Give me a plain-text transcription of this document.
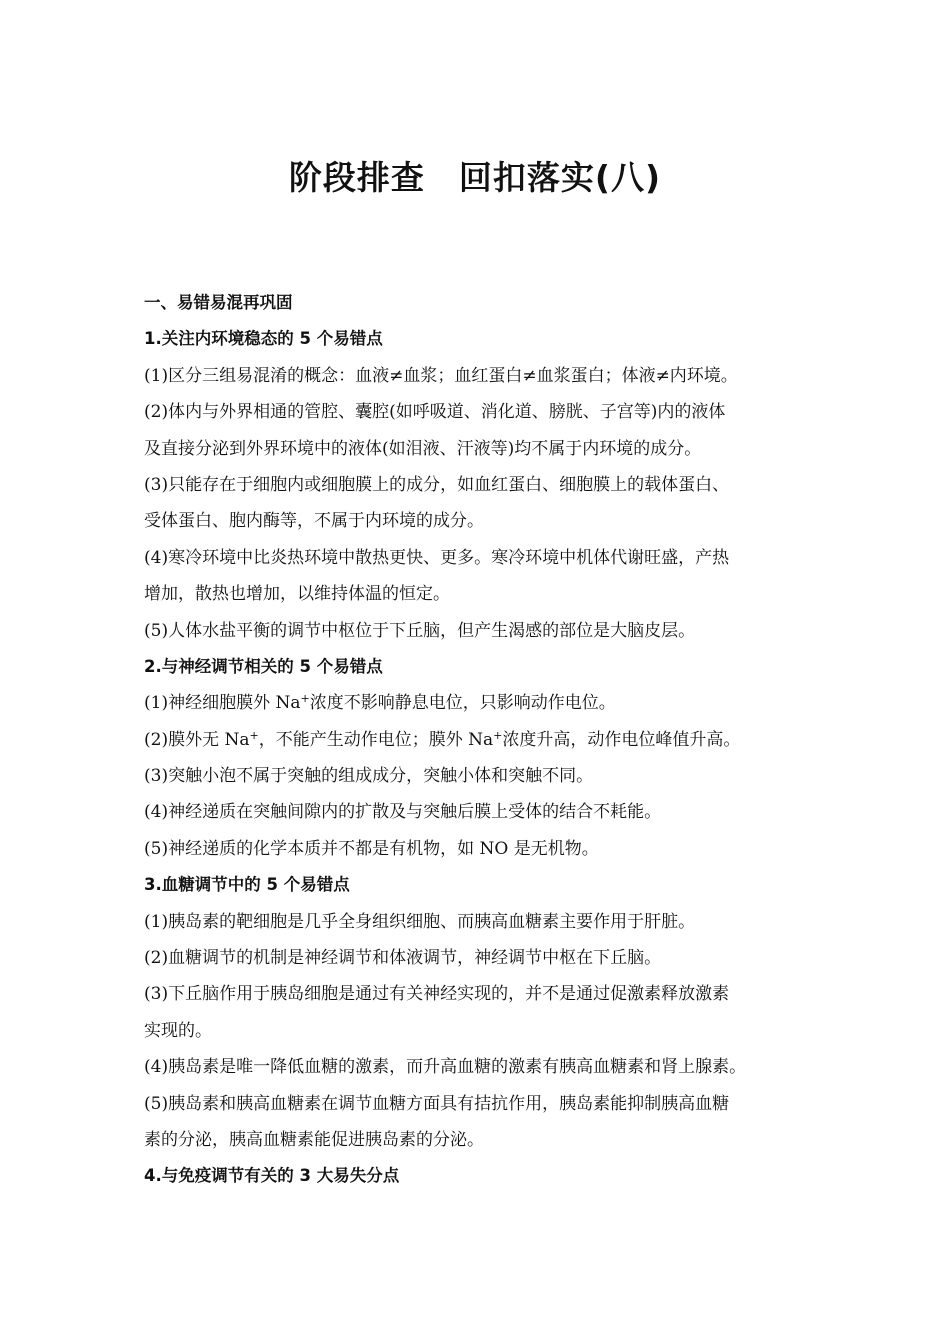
阶段排查　回扣落实(八)
一、易错易混再巩固
1.关注内环境稳态的 5 个易错点
(1)区分三组易混淆的概念：血液≠血浆；血红蛋白≠血浆蛋白；体液≠内环境。
(2)体内与外界相通的管腔、囊腔(如呼吸道、消化道、膀胱、子宫等)内的液体
及直接分泌到外界环境中的液体(如泪液、汗液等)均不属于内环境的成分。
(3)只能存在于细胞内或细胞膜上的成分，如血红蛋白、细胞膜上的载体蛋白、
受体蛋白、胞内酶等，不属于内环境的成分。
(4)寒冷环境中比炎热环境中散热更快、更多。寒冷环境中机体代谢旺盛，产热
增加，散热也增加，以维持体温的恒定。
(5)人体水盐平衡的调节中枢位于下丘脑，但产生渴感的部位是大脑皮层。
2.与神经调节相关的 5 个易错点
(1)神经细胞膜外 Na+浓度不影响静息电位，只影响动作电位。
(2)膜外无 Na+，不能产生动作电位；膜外 Na+浓度升高，动作电位峰值升高。
(3)突触小泡不属于突触的组成成分，突触小体和突触不同。
(4)神经递质在突触间隙内的扩散及与突触后膜上受体的结合不耗能。
(5)神经递质的化学本质并不都是有机物，如 NO 是无机物。
3.血糖调节中的 5 个易错点
(1)胰岛素的靶细胞是几乎全身组织细胞、而胰高血糖素主要作用于肝脏。
(2)血糖调节的机制是神经调节和体液调节，神经调节中枢在下丘脑。
(3)下丘脑作用于胰岛细胞是通过有关神经实现的，并不是通过促激素释放激素
实现的。
(4)胰岛素是唯一降低血糖的激素，而升高血糖的激素有胰高血糖素和肾上腺素。
(5)胰岛素和胰高血糖素在调节血糖方面具有拮抗作用，胰岛素能抑制胰高血糖
素的分泌，胰高血糖素能促进胰岛素的分泌。
4.与免疫调节有关的 3 大易失分点
